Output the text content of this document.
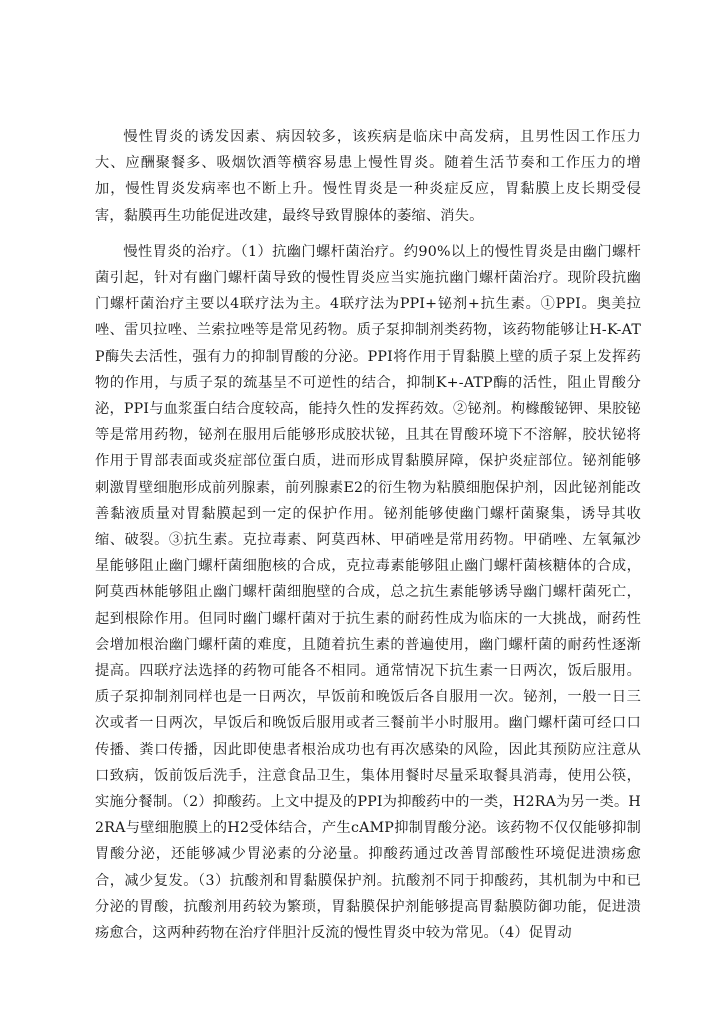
慢性胃炎的诱发因素、病因较多，该疾病是临床中高发病，且男性因工作压力大、应酬聚餐多、吸烟饮酒等横容易患上慢性胃炎。随着生活节奏和工作压力的增加，慢性胃炎发病率也不断上升。慢性胃炎是一种炎症反应，胃黏膜上皮长期受侵害，黏膜再生功能促进改建，最终导致胃腺体的萎缩、消失。

慢性胃炎的治疗。（1）抗幽门螺杆菌治疗。约90%以上的慢性胃炎是由幽门螺杆菌引起，针对有幽门螺杆菌导致的慢性胃炎应当实施抗幽门螺杆菌治疗。现阶段抗幽门螺杆菌治疗主要以4联疗法为主。4联疗法为PPI+铋剂+抗生素。①PPI。奥美拉唑、雷贝拉唑、兰索拉唑等是常见药物。质子泵抑制剂类药物，该药物能够让H-K-ATP酶失去活性，强有力的抑制胃酸的分泌。PPI将作用于胃黏膜上壁的质子泵上发挥药物的作用，与质子泵的巯基呈不可逆性的结合，抑制K+-ATP酶的活性，阻止胃酸分泌，PPI与血浆蛋白结合度较高，能持久性的发挥药效。②铋剂。枸橼酸铋钾、果胶铋等是常用药物，铋剂在服用后能够形成胶状铋，且其在胃酸环境下不溶解，胶状铋将作用于胃部表面或炎症部位蛋白质，进而形成胃黏膜屏障，保护炎症部位。铋剂能够刺激胃壁细胞形成前列腺素，前列腺素E2的衍生物为粘膜细胞保护剂，因此铋剂能改善黏液质量对胃黏膜起到一定的保护作用。铋剂能够使幽门螺杆菌聚集，诱导其收缩、破裂。③抗生素。克拉毒素、阿莫西林、甲硝唑是常用药物。甲硝唑、左氧氟沙星能够阻止幽门螺杆菌细胞核的合成，克拉毒素能够阻止幽门螺杆菌核糖体的合成，阿莫西林能够阻止幽门螺杆菌细胞壁的合成，总之抗生素能够诱导幽门螺杆菌死亡，起到根除作用。但同时幽门螺杆菌对于抗生素的耐药性成为临床的一大挑战，耐药性会增加根治幽门螺杆菌的难度，且随着抗生素的普遍使用，幽门螺杆菌的耐药性逐渐提高。四联疗法选择的药物可能各不相同。通常情况下抗生素一日两次，饭后服用。质子泵抑制剂同样也是一日两次，早饭前和晚饭后各自服用一次。铋剂，一般一日三次或者一日两次，早饭后和晚饭后服用或者三餐前半小时服用。幽门螺杆菌可经口口传播、粪口传播，因此即使患者根治成功也有再次感染的风险，因此其预防应注意从口致病，饭前饭后洗手，注意食品卫生，集体用餐时尽量采取餐具消毒，使用公筷，实施分餐制。（2）抑酸药。上文中提及的PPI为抑酸药中的一类，H2RA为另一类。H2RA与壁细胞膜上的H2受体结合，产生cAMP抑制胃酸分泌。该药物不仅仅能够抑制胃酸分泌，还能够减少胃泌素的分泌量。抑酸药通过改善胃部酸性环境促进溃疡愈合，减少复发。（3）抗酸剂和胃黏膜保护剂。抗酸剂不同于抑酸药，其机制为中和已分泌的胃酸，抗酸剂用药较为繁琐，胃黏膜保护剂能够提高胃黏膜防御功能，促进溃疡愈合，这两种药物在治疗伴胆汁反流的慢性胃炎中较为常见。（4）促胃动
